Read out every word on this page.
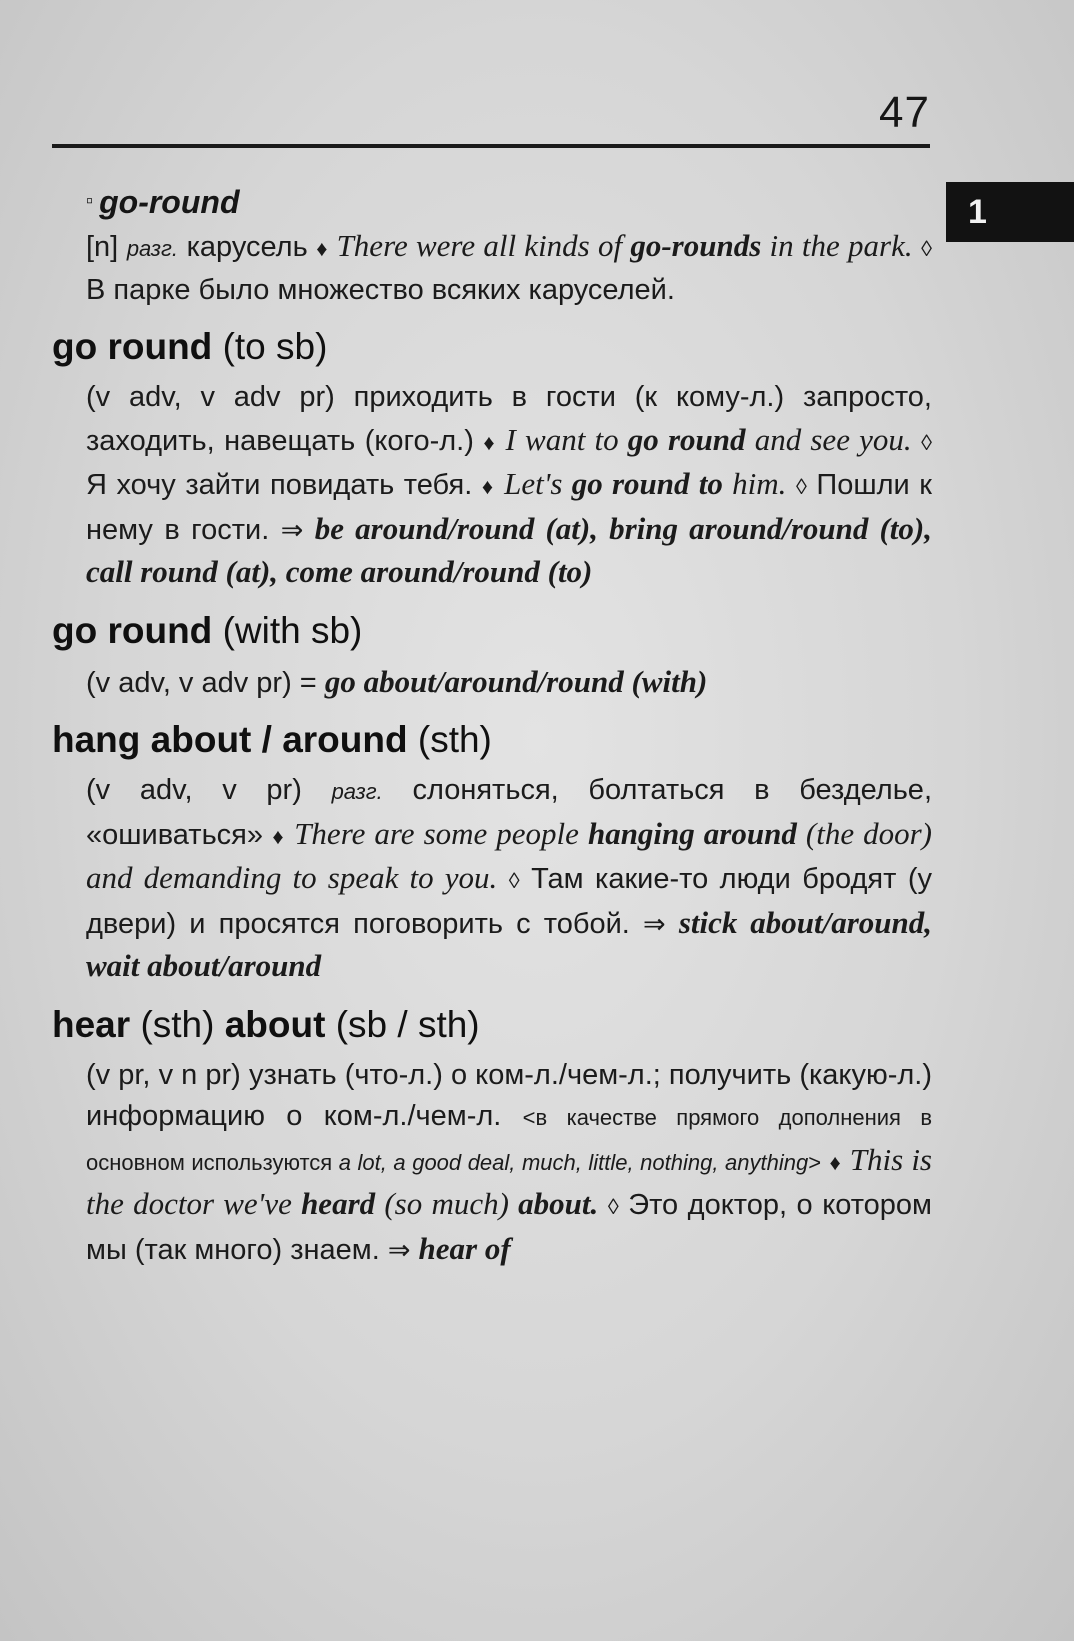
47
1
▫ go-round
[n] разг. карусель ♦ There were all kinds of go-rounds in the park. ◊ В парке было множество всяких каруселей.
go round (to sb)
(v adv, v adv pr) приходить в гости (к кому-л.) запросто, заходить, навещать (кого-л.) ♦ I want to go round and see you. ◊ Я хочу зайти повидать тебя. ♦ Let's go round to him. ◊ Пошли к нему в гости. ⇒ be around/round (at), bring around/round (to), call round (at), come around/round (to)
go round (with sb)
(v adv, v adv pr) = go about/around/round (with)
hang about / around (sth)
(v adv, v pr) разг. слоняться, болтаться в безделье, «ошиваться» ♦ There are some people hanging around (the door) and demanding to speak to you. ◊ Там какие-то люди бродят (у двери) и просятся поговорить с тобой. ⇒ stick about/around, wait about/around
hear (sth) about (sb / sth)
(v pr, v n pr) узнать (что-л.) о ком-л./чем-л.; получить (какую-л.) информацию о ком-л./чем-л. <в качестве прямого дополнения в основном используются a lot, a good deal, much, little, nothing, anything> ♦ This is the doctor we've heard (so much) about. ◊ Это доктор, о котором мы (так много) знаем. ⇒ hear of
